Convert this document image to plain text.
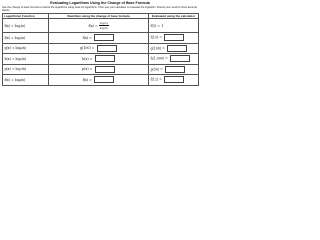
Evaluating Logarithms Using the Change of Base Formula
Use the change of base formula to rewrite the logarithms using base 10 logarithms. Then use your calculator to evaluate the logarithm. Round your result to three decimal places.
Logarithmic Function	Rewritten using the change of base formula	Evaluated using the calculator
f(x) = log₅(x)	$f(x) = \frac{\log(x)}{\log(5)}$	f(5) = 1
f(x) = log₃(x)	f(x) =	f(15) =
g(x) = log₆(x)	g(100) =	g(100) =
h(x) = log₈(x)	h(x) =	h(1,000) =
p(x) = log₇(x)	p(x) =	p(50) =
f(x) = log₄(x)	f(x) =	f(12) =
